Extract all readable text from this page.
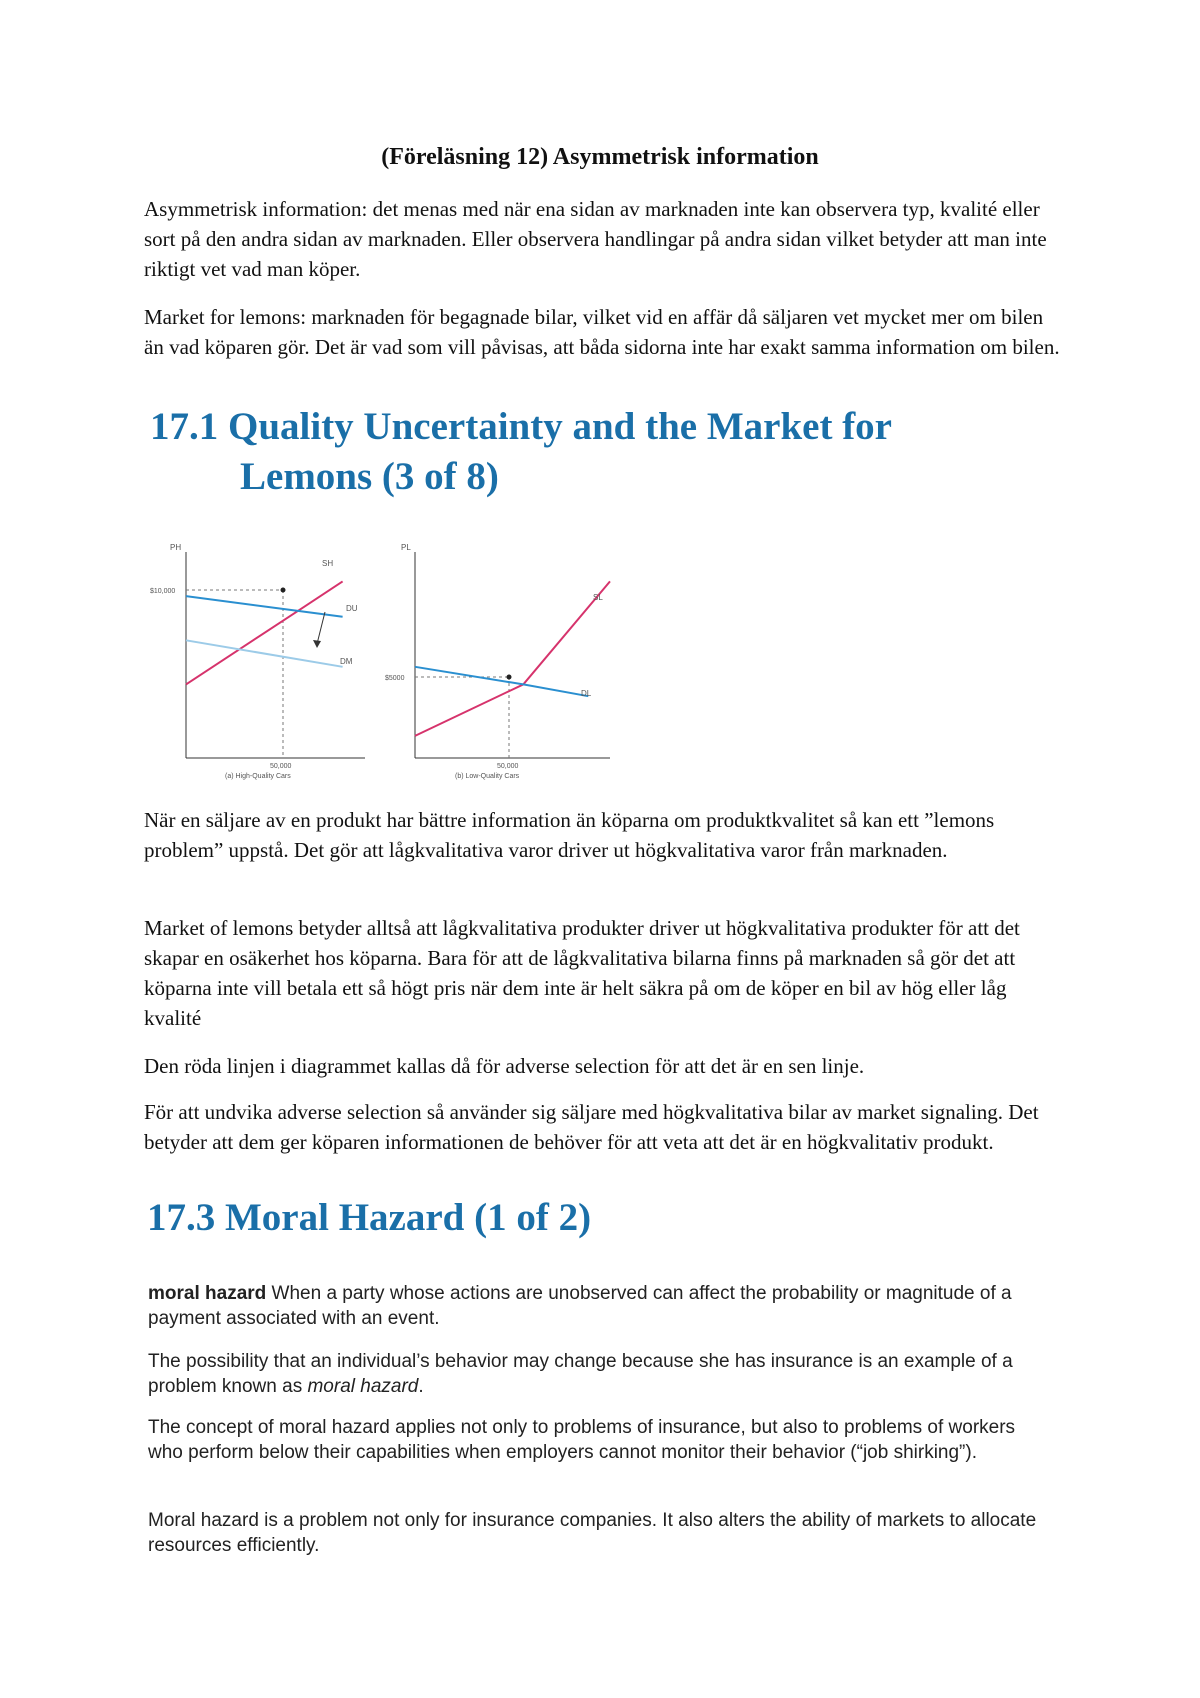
(Föreläsning 12) Asymmetrisk information

Asymmetrisk information: det menas med när ena sidan av marknaden inte kan observera typ, kvalité eller sort på den andra sidan av marknaden. Eller observera handlingar på andra sidan vilket betyder att man inte riktigt vet vad man köper.

Market for lemons: marknaden för begagnade bilar, vilket vid en affär då säljaren vet mycket mer om bilen än vad köparen gör. Det är vad som vill påvisas, att båda sidorna inte har exakt samma information om bilen.

17.1 Quality Uncertainty and the Market for
Lemons (3 of 8)
PH
$10,000
50,000
(a) High-Quality Cars
SH
DU
DM
PL
$5000
50,000
(b) Low-Quality Cars
SL
DL

När en säljare av en produkt har bättre information än köparna om produktkvalitet så kan ett ”lemons problem” uppstå. Det gör att lågkvalitativa varor driver ut högkvalitativa varor från marknaden.

Market of lemons betyder alltså att lågkvalitativa produkter driver ut högkvalitativa produkter för att det skapar en osäkerhet hos köparna. Bara för att de lågkvalitativa bilarna finns på marknaden så gör det att köparna inte vill betala ett så högt pris när dem inte är helt säkra på om de köper en bil av hög eller låg kvalité

Den röda linjen i diagrammet kallas då för adverse selection för att det är en sen linje.

För att undvika adverse selection så använder sig säljare med högkvalitativa bilar av market signaling. Det betyder att dem ger köparen informationen de behöver för att veta att det är en högkvalitativ produkt.

17.3 Moral Hazard (1 of 2)

moral hazard When a party whose actions are unobserved can affect the probability or magnitude of a payment associated with an event.

The possibility that an individual’s behavior may change because she has insurance is an example of a problem known as moral hazard.

The concept of moral hazard applies not only to problems of insurance, but also to problems of workers who perform below their capabilities when employers cannot monitor their behavior (“job shirking”).

Moral hazard is a problem not only for insurance companies. It also alters the ability of markets to allocate resources efficiently.
